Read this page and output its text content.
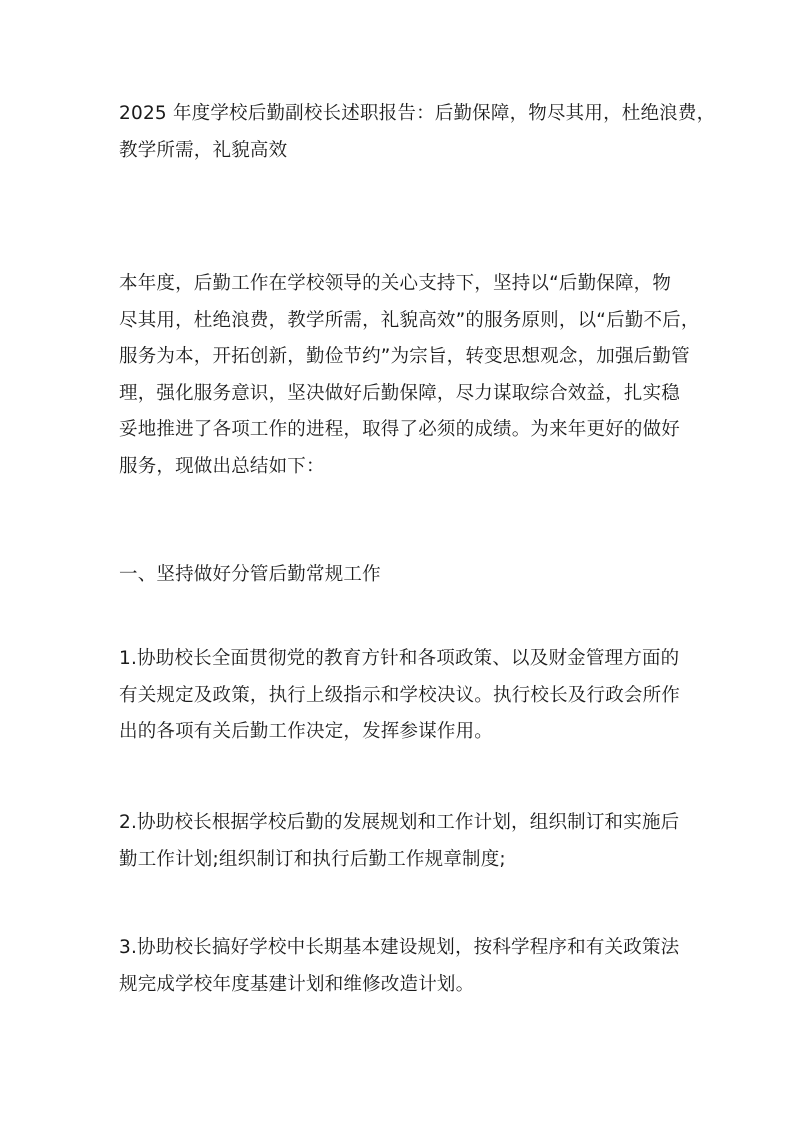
2025 年度学校后勤副校长述职报告：后勤保障，物尽其用，杜绝浪费，
教学所需，礼貌高效
本年度，后勤工作在学校领导的关心支持下，坚持以“后勤保障，物
尽其用，杜绝浪费，教学所需，礼貌高效”的服务原则，以“后勤不后，
服务为本，开拓创新，勤俭节约”为宗旨，转变思想观念，加强后勤管
理，强化服务意识，坚决做好后勤保障，尽力谋取综合效益，扎实稳
妥地推进了各项工作的进程，取得了必须的成绩。为来年更好的做好
服务，现做出总结如下：
一、坚持做好分管后勤常规工作
1.协助校长全面贯彻党的教育方针和各项政策、以及财金管理方面的
有关规定及政策，执行上级指示和学校决议。执行校长及行政会所作
出的各项有关后勤工作决定，发挥参谋作用。
2.协助校长根据学校后勤的发展规划和工作计划，组织制订和实施后
勤工作计划;组织制订和执行后勤工作规章制度;
3.协助校长搞好学校中长期基本建设规划，按科学程序和有关政策法
规完成学校年度基建计划和维修改造计划。
